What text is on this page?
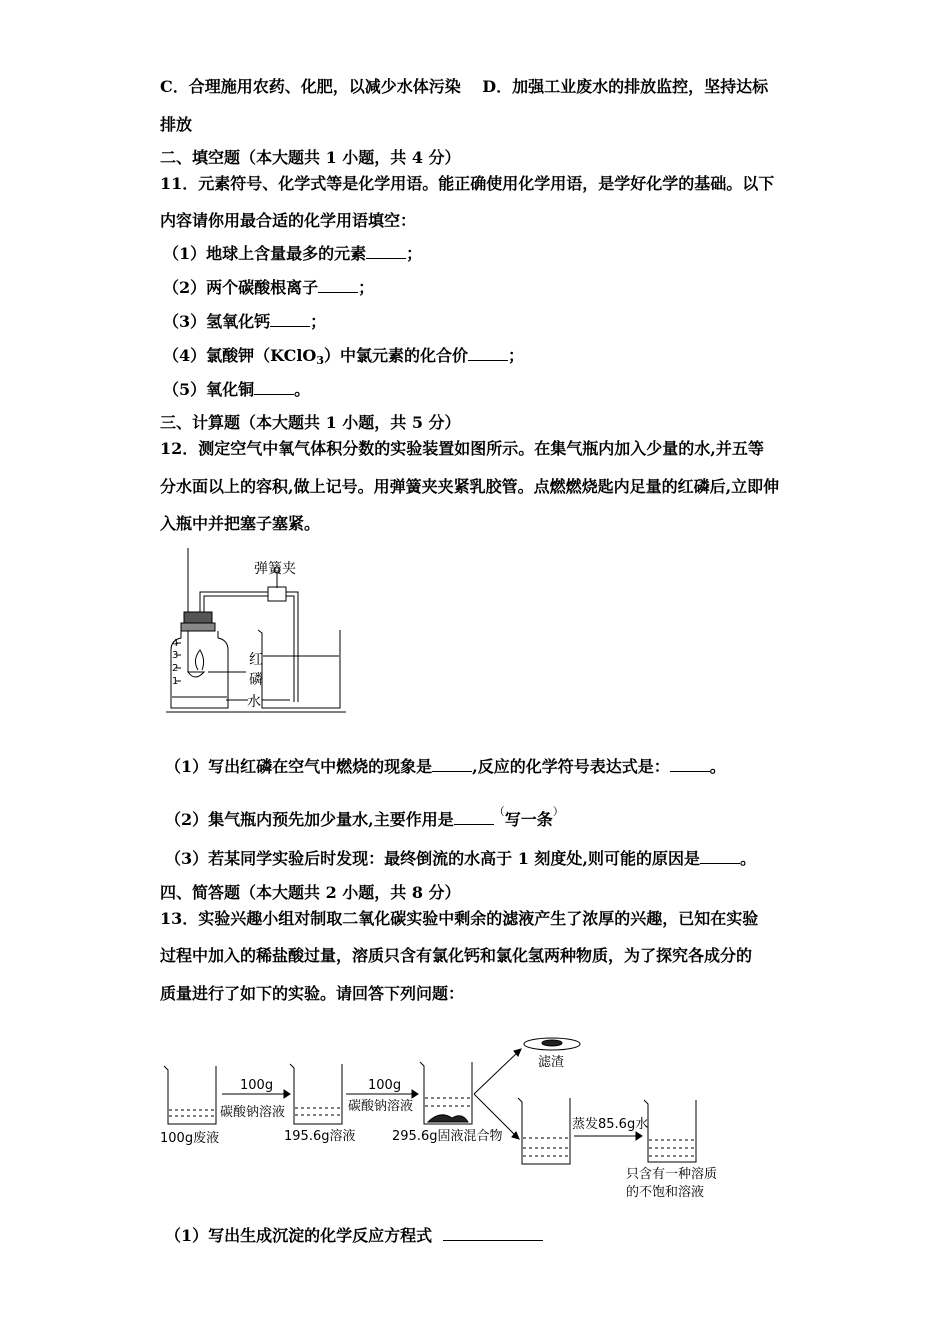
C．合理施用农药、化肥，以减少水体污染　 D．加强工业废水的排放监控，坚持达标
排放
二、填空题（本大题共 1 小题，共 4 分）
11．元素符号、化学式等是化学用语。能正确使用化学用语，是学好化学的基础。以下
内容请你用最合适的化学用语填空：
（1）地球上含量最多的元素	；
（2）两个碳酸根离子	；
（3）氢氧化钙	；
（4）氯酸钾（KClO$_3$）中氯元素的化合价	；
（5）氧化铜	。
三、计算题（本大题共 1 小题，共 5 分）
12．测定空气中氧气体积分数的实验装置如图所示。在集气瓶内加入少量的水,并五等
分水面以上的容积,做上记号。用弹簧夹夹紧乳胶管。点燃燃烧匙内足量的红磷后,立即伸
入瓶中并把塞子塞紧。
弹簧夹
红
磷
水
4
3
2
1
（1）写出红磷在空气中燃烧的现象是	,反应的化学符号表达式是：	。
（2）集气瓶内预先加少量水,主要作用是	（写一条）
（3）若某同学实验后时发现：最终倒流的水高于 1 刻度处,则可能的原因是	。
四、简答题（本大题共 2 小题，共 8 分）
13．实验兴趣小组对制取二氧化碳实验中剩余的滤液产生了浓厚的兴趣，已知在实验
过程中加入的稀盐酸过量，溶质只含有氯化钙和氯化氢两种物质，为了探究各成分的
质量进行了如下的实验。请回答下列问题：
100g
碳酸钠溶液
100g
碳酸钠溶液
100g废液	195.6g溶液	295.6g固液混合物
滤渣
蒸发85.6g水
只含有一种溶质
的不饱和溶液
（1）写出生成沉淀的化学反应方程式
